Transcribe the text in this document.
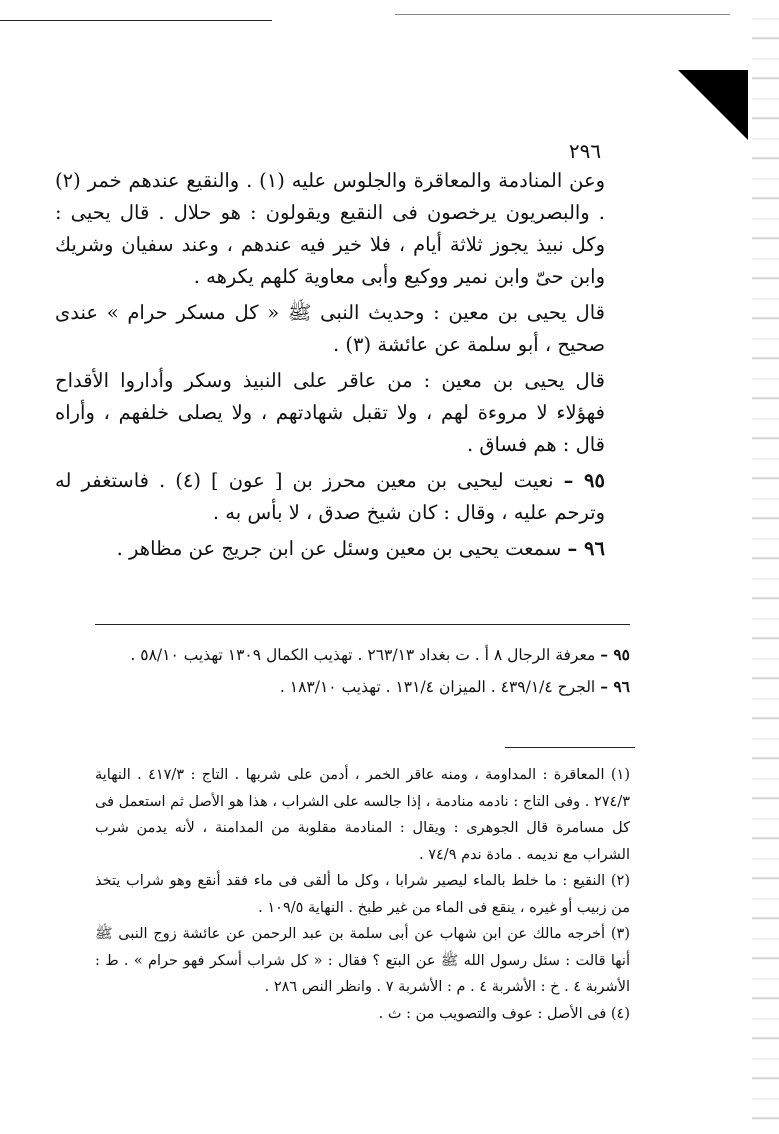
٢٩٦

وعن المنادمة والمعاقرة والجلوس عليه (١) . والنقيع عندهم خمر (٢) . والبصريون يرخصون فى النقيع ويقولون : هو حلال . قال يحيى : وكل نبيذ يجوز ثلاثة أيام ، فلا خير فيه عندهم ، وعند سفيان وشريك وابن حىّ وابن نمير ووكيع وأبى معاوية كلهم يكرهه .

قال يحيى بن معين : وحديث النبى ﷺ « كل مسكر حرام » عندى صحيح ، أبو سلمة عن عائشة (٣) .

قال يحيى بن معين : من عاقر على النبيذ وسكر وأداروا الأقداح فهؤلاء لا مروءة لهم ، ولا تقبل شهادتهم ، ولا يصلى خلفهم ، وأراه قال : هم فساق .

٩٥ – نعيت ليحيى بن معين محرز بن [ عون ] (٤) . فاستغفر له وترحم عليه ، وقال : كان شيخ صدق ، لا بأس به .

٩٦ – سمعت يحيى بن معين وسئل عن ابن جريج عن مظاهر .

٩٥ – معرفة الرجال ٨ أ . ت بغداد ٢٦٣/١٣ . تهذيب الكمال ١٣٠٩ تهذيب ٥٨/١٠ .

٩٦ – الجرح ٤٣٩/١/٤ . الميزان ١٣١/٤ . تهذيب ١٨٣/١٠ .

(١) المعاقرة : المداومة ، ومنه عاقر الخمر ، أدمن على شربها . التاج : ٤١٧/٣ . النهاية ٢٧٤/٣ . وفى التاج : نادمه منادمة ، إذا جالسه على الشراب ، هذا هو الأصل ثم استعمل فى كل مسامرة قال الجوهرى : ويقال : المنادمة مقلوبة من المدامنة ، لأنه يدمن شرب الشراب مع نديمه . مادة ندم ٧٤/٩ .

(٢) النقيع : ما خلط بالماء ليصير شرابا ، وكل ما ألقى فى ماء فقد أنقع وهو شراب يتخذ من زبيب أو غيره ، ينقع فى الماء من غير طبخ . النهاية ١٠٩/٥ .

(٣) أخرجه مالك عن ابن شهاب عن أبى سلمة بن عبد الرحمن عن عائشة زوج النبى ﷺ أنها قالت : سئل رسول الله ﷺ عن البتع ؟ فقال : « كل شراب أسكر فهو حرام » . ط : الأشربة ٤ . خ : الأشربة ٤ . م : الأشربة ٧ . وانظر النص ٢٨٦ .

(٤) فى الأصل : عوف والتصويب من : ث .
